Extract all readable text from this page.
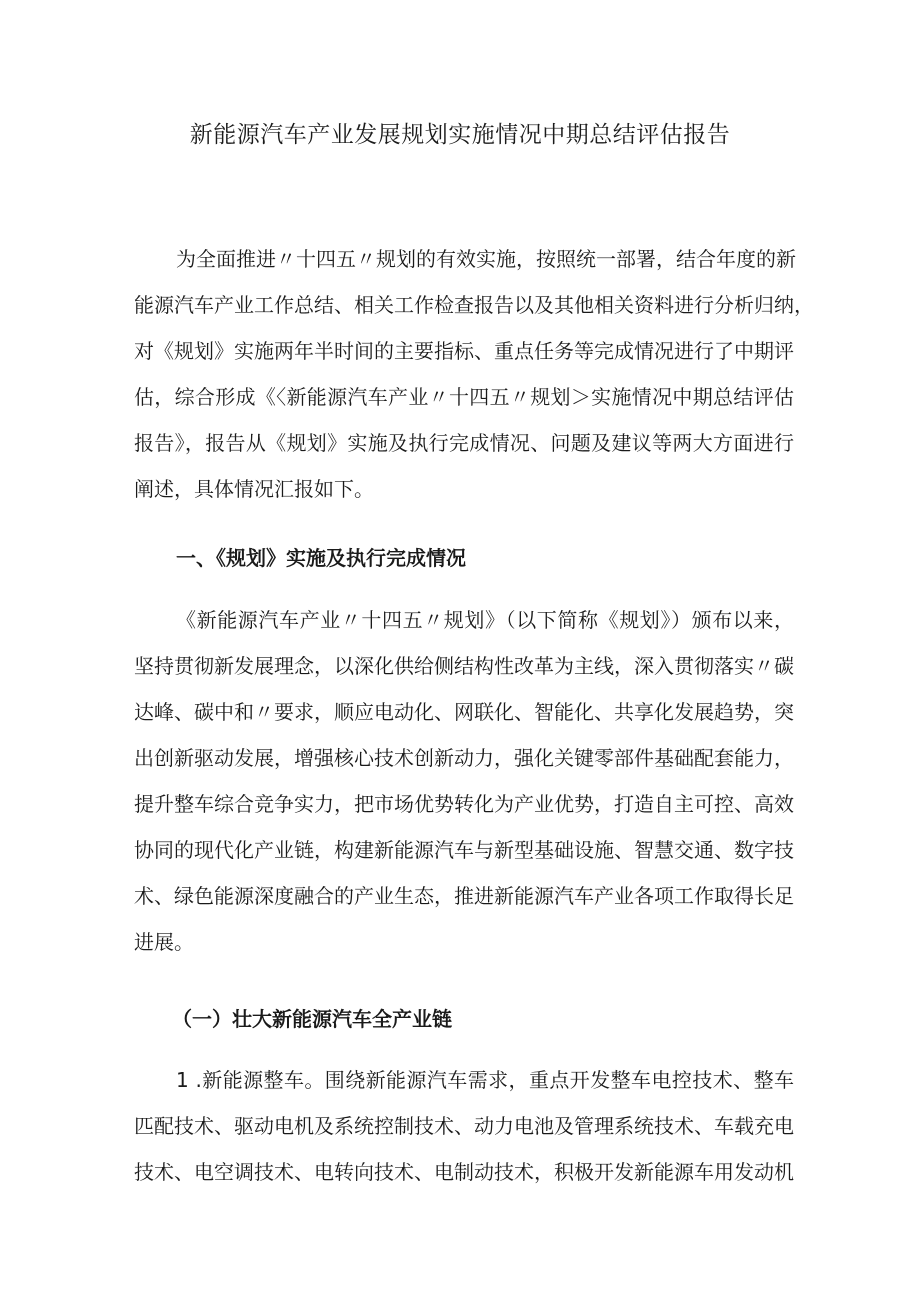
新能源汽车产业发展规划实施情况中期总结评估报告
为全面推进〃十四五〃规划的有效实施，按照统一部署，结合年度的新
能源汽车产业工作总结、相关工作检查报告以及其他相关资料进行分析归纳，
对《规划》实施两年半时间的主要指标、重点任务等完成情况进行了中期评
估，综合形成《〈新能源汽车产业〃十四五〃规划＞实施情况中期总结评估
报告》，报告从《规划》实施及执行完成情况、问题及建议等两大方面进行
阐述，具体情况汇报如下。
一、《规划》实施及执行完成情况
《新能源汽车产业〃十四五〃规划》（以下简称《规划》）颁布以来，
坚持贯彻新发展理念，以深化供给侧结构性改革为主线，深入贯彻落实〃碳
达峰、碳中和〃要求，顺应电动化、网联化、智能化、共享化发展趋势，突
出创新驱动发展，增强核心技术创新动力，强化关键零部件基础配套能力，
提升整车综合竞争实力，把市场优势转化为产业优势，打造自主可控、高效
协同的现代化产业链，构建新能源汽车与新型基础设施、智慧交通、数字技
术、绿色能源深度融合的产业生态，推进新能源汽车产业各项工作取得长足
进展。
（一）壮大新能源汽车全产业链
1 .新能源整车。围绕新能源汽车需求，重点开发整车电控技术、整车
匹配技术、驱动电机及系统控制技术、动力电池及管理系统技术、车载充电
技术、电空调技术、电转向技术、电制动技术，积极开发新能源车用发动机
